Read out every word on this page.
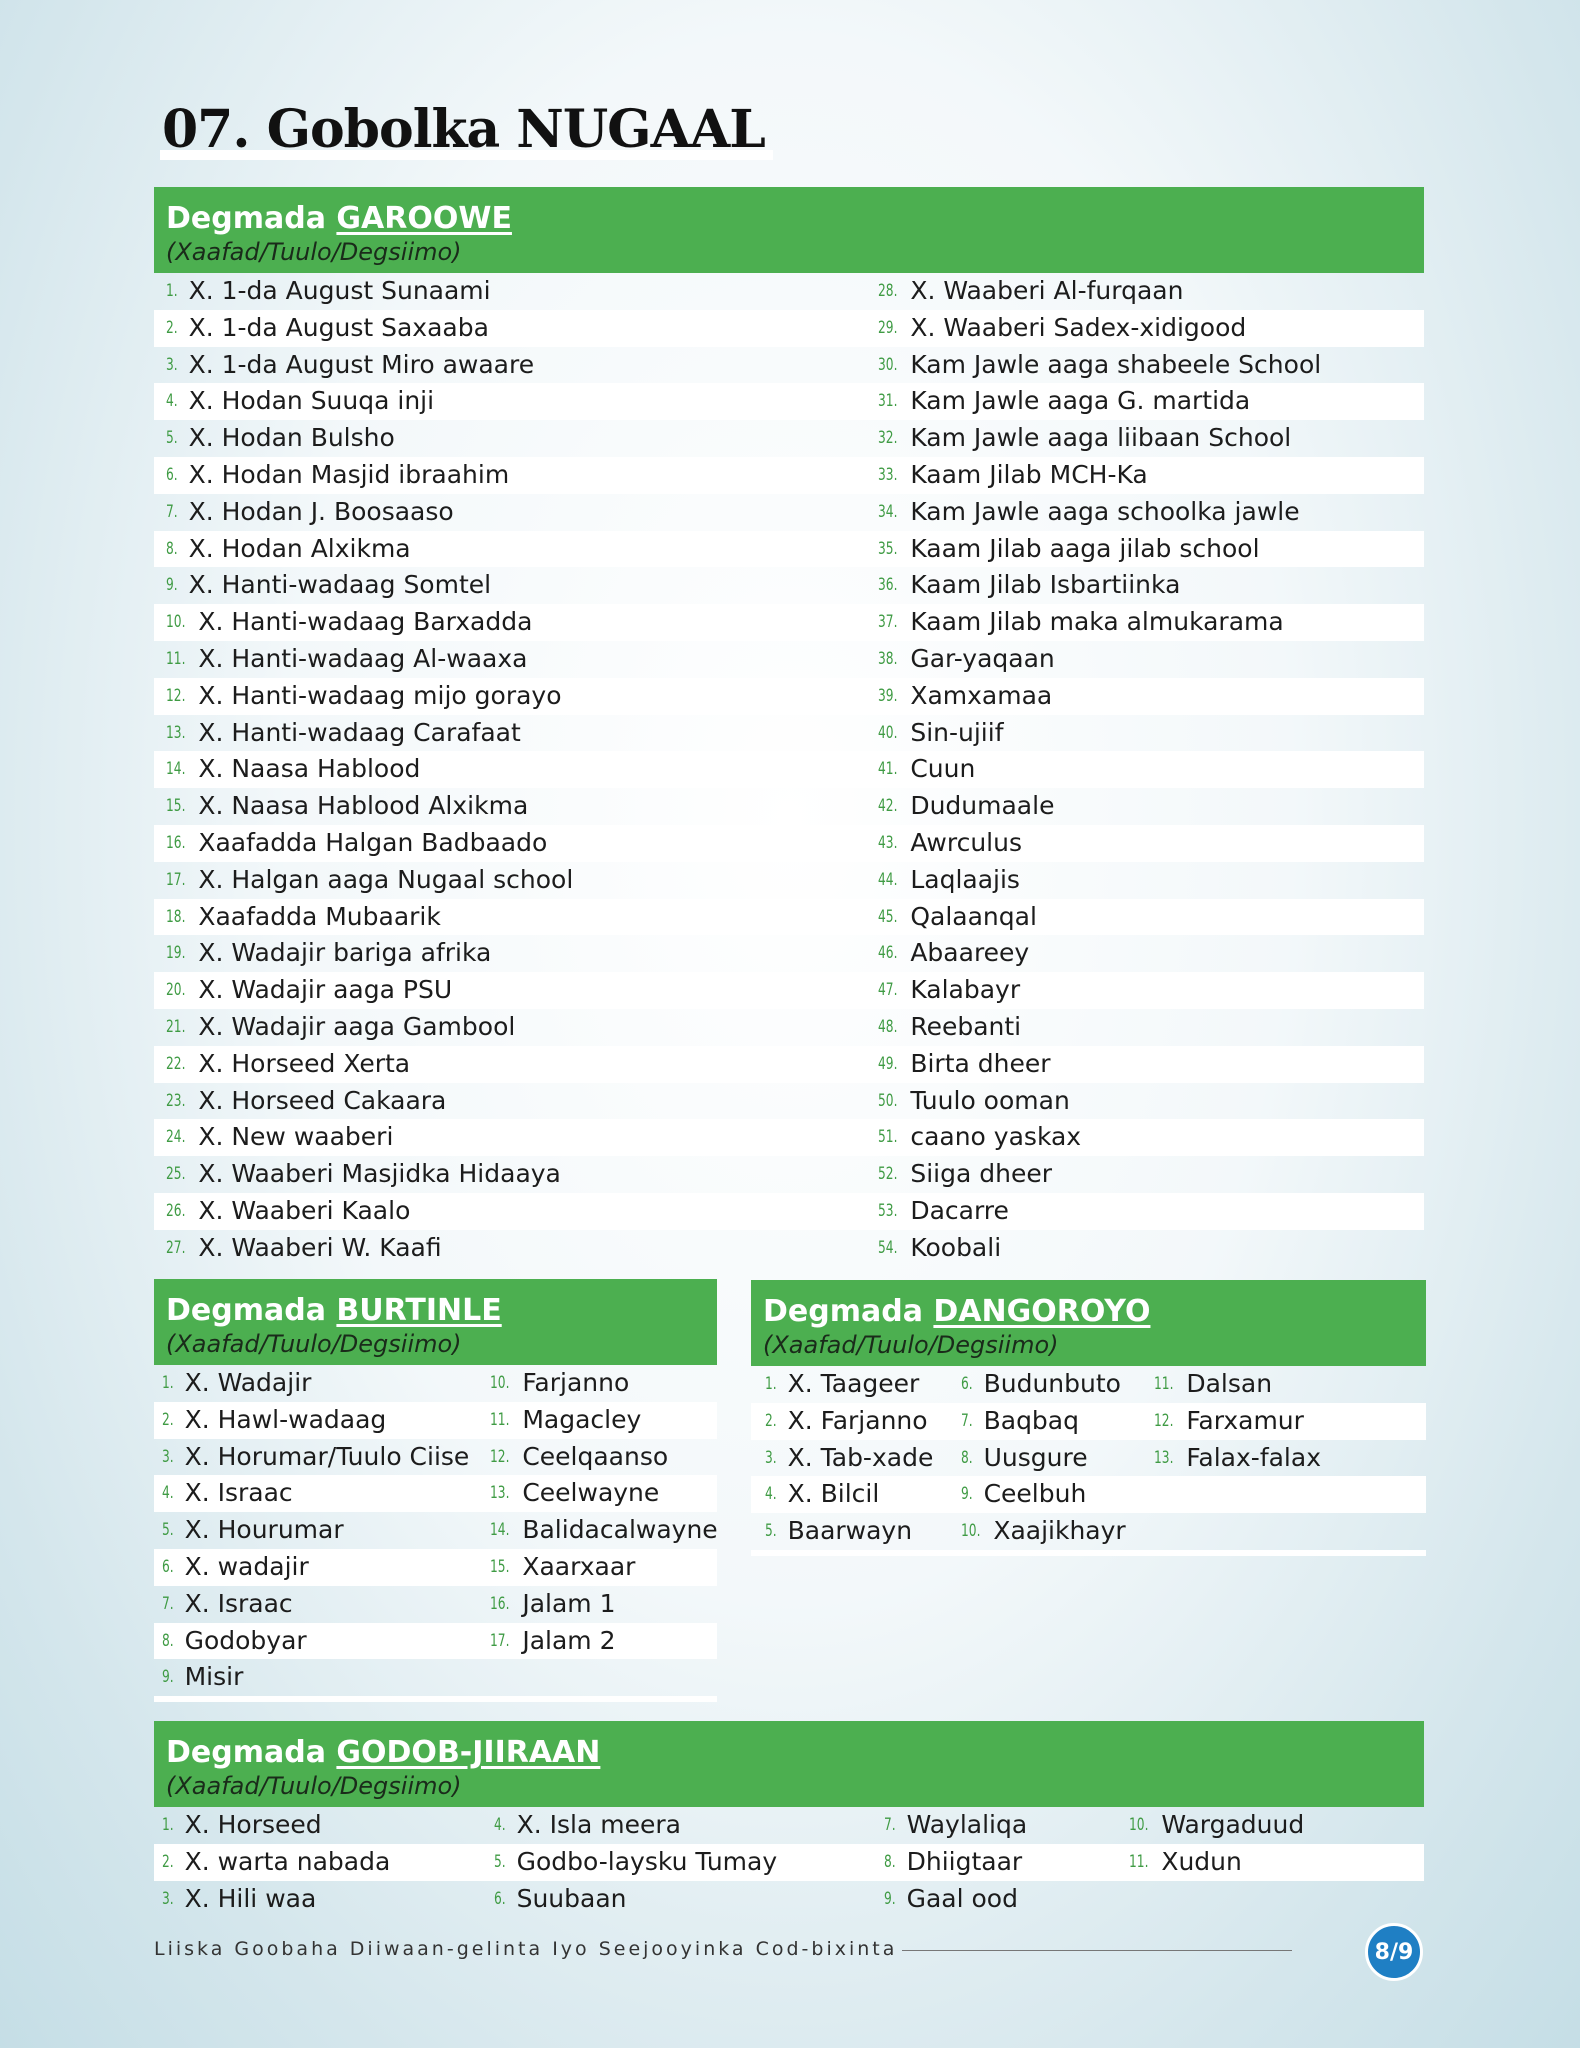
07. Gobolka NUGAAL
Degmada GAROOWE
(Xaafad/Tuulo/Degsiimo)
1. X. 1-da August Sunaami	28. X. Waaberi Al-furqaan
2. X. 1-da August Saxaaba	29. X. Waaberi Sadex-xidigood
3. X. 1-da August Miro awaare	30. Kam Jawle aaga shabeele School
4. X. Hodan Suuqa inji	31. Kam Jawle aaga G. martida
5. X. Hodan Bulsho	32. Kam Jawle aaga liibaan School
6. X. Hodan Masjid ibraahim	33. Kaam Jilab MCH-Ka
7. X. Hodan J. Boosaaso	34. Kam Jawle aaga schoolka jawle
8. X. Hodan Alxikma	35. Kaam Jilab aaga jilab school
9. X. Hanti-wadaag Somtel	36. Kaam Jilab Isbartiinka
10. X. Hanti-wadaag Barxadda	37. Kaam Jilab maka almukarama
11. X. Hanti-wadaag Al-waaxa	38. Gar-yaqaan
12. X. Hanti-wadaag mijo gorayo	39. Xamxamaa
13. X. Hanti-wadaag Carafaat	40. Sin-ujiif
14. X. Naasa Hablood	41. Cuun
15. X. Naasa Hablood Alxikma	42. Dudumaale
16. Xaafadda Halgan Badbaado	43. Awrculus
17. X. Halgan aaga Nugaal school	44. Laqlaajis
18. Xaafadda Mubaarik	45. Qalaanqal
19. X. Wadajir bariga afrika	46. Abaareey
20. X. Wadajir aaga PSU	47. Kalabayr
21. X. Wadajir aaga Gambool	48. Reebanti
22. X. Horseed Xerta	49. Birta dheer
23. X. Horseed Cakaara	50. Tuulo ooman
24. X. New waaberi	51. caano yaskax
25. X. Waaberi Masjidka Hidaaya	52. Siiga dheer
26. X. Waaberi Kaalo	53. Dacarre
27. X. Waaberi W. Kaafi	54. Koobali
Degmada BURTINLE
(Xaafad/Tuulo/Degsiimo)
1. X. Wadajir	10. Farjanno
2. X. Hawl-wadaag	11. Magacley
3. X. Horumar/Tuulo Ciise 12. Ceelqaanso
4. X. Israac	13. Ceelwayne
5. X. Hourumar	14. Balidacalwayne
6. X. wadajir	15. Xaarxaar
7. X. Israac	16. Jalam 1
8. Godobyar	17. Jalam 2
9. Misir
Degmada DANGOROYO
(Xaafad/Tuulo/Degsiimo)
1. X. Taageer 6. Budunbuto 11. Dalsan
2. X. Farjanno 7. Baqbaq	12. Farxamur
3. X. Tab-xade 8. Uusgure	13. Falax-falax
4. X. Bilcil	9. Ceelbuh
5. Baarwayn	10. Xaajikhayr
Degmada GODOB-JIIRAAN
(Xaafad/Tuulo/Degsiimo)
1. X. Horseed	4. X. Isla meera	7. Waylaliqa	10. Wargaduud
2. X. warta nabada	5. Godbo-laysku Tumay	8. Dhiigtaar	11. Xudun
3. X. Hili waa	6. Suubaan	9. Gaal ood
Liiska Goobaha Diiwaan-gelinta Iyo Seejooyinka Cod-bixinta	8/9
